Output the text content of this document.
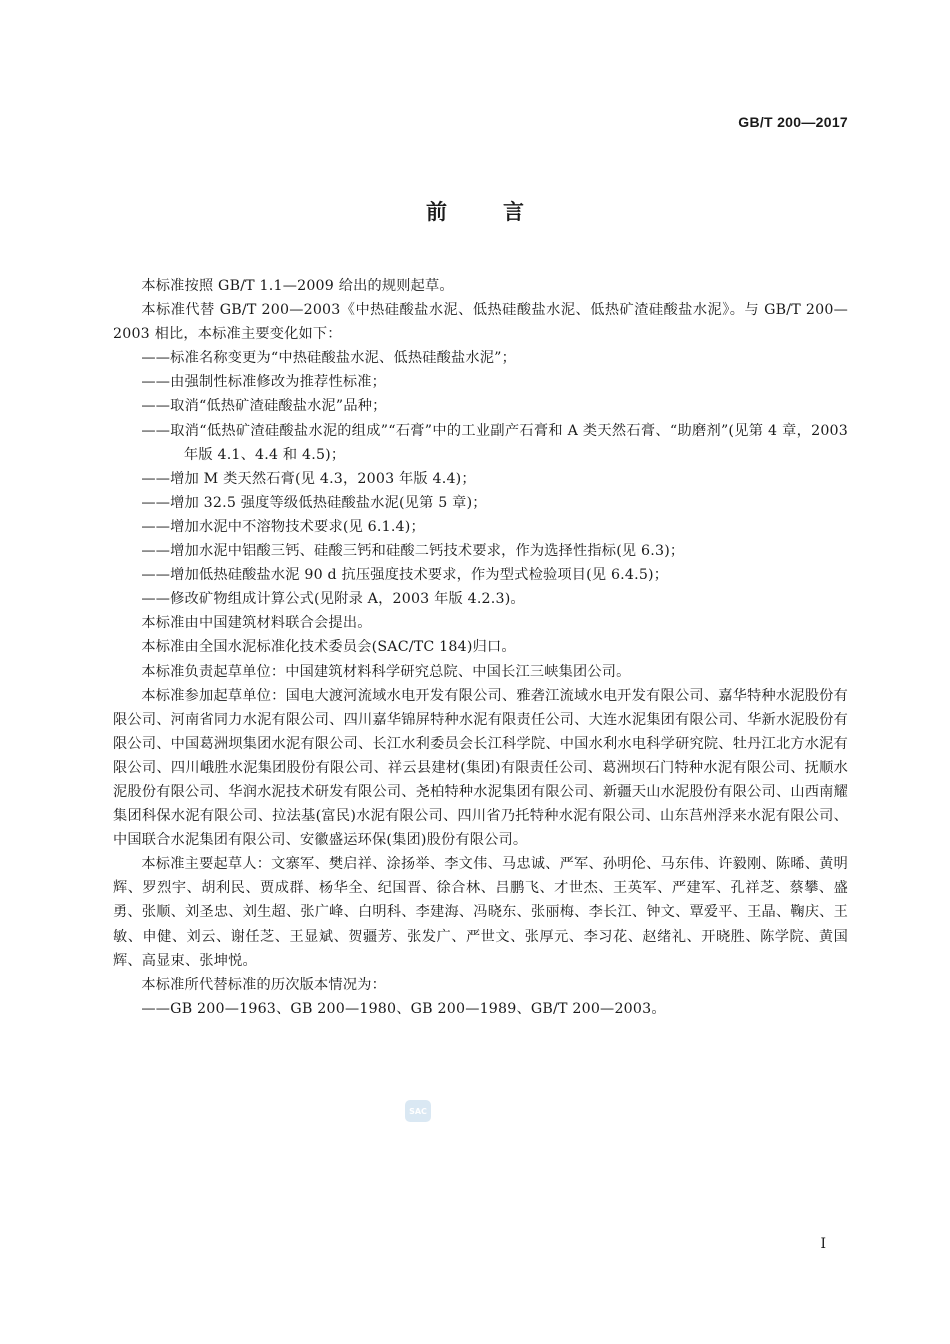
GB/T 200—2017
前言

本标准按照 GB/T 1.1—2009 给出的规则起草。

本标准代替 GB/T 200—2003《中热硅酸盐水泥、低热硅酸盐水泥、低热矿渣硅酸盐水泥》。与 GB/T 200—2003 相比，本标准主要变化如下：

——标准名称变更为“中热硅酸盐水泥、低热硅酸盐水泥”；

——由强制性标准修改为推荐性标准；

——取消“低热矿渣硅酸盐水泥”品种；

——取消“低热矿渣硅酸盐水泥的组成”“石膏”中的工业副产石膏和 A 类天然石膏、“助磨剂”(见第 4 章，2003 年版 4.1、4.4 和 4.5)；

——增加 M 类天然石膏(见 4.3，2003 年版 4.4)；

——增加 32.5 强度等级低热硅酸盐水泥(见第 5 章)；

——增加水泥中不溶物技术要求(见 6.1.4)；

——增加水泥中铝酸三钙、硅酸三钙和硅酸二钙技术要求，作为选择性指标(见 6.3)；

——增加低热硅酸盐水泥 90 d 抗压强度技术要求，作为型式检验项目(见 6.4.5)；

——修改矿物组成计算公式(见附录 A，2003 年版 4.2.3)。

本标准由中国建筑材料联合会提出。

本标准由全国水泥标准化技术委员会(SAC/TC 184)归口。

本标准负责起草单位：中国建筑材料科学研究总院、中国长江三峡集团公司。

本标准参加起草单位：国电大渡河流域水电开发有限公司、雅砻江流域水电开发有限公司、嘉华特种水泥股份有限公司、河南省同力水泥有限公司、四川嘉华锦屏特种水泥有限责任公司、大连水泥集团有限公司、华新水泥股份有限公司、中国葛洲坝集团水泥有限公司、长江水利委员会长江科学院、中国水利水电科学研究院、牡丹江北方水泥有限公司、四川峨胜水泥集团股份有限公司、祥云县建材(集团)有限责任公司、葛洲坝石门特种水泥有限公司、抚顺水泥股份有限公司、华润水泥技术研发有限公司、尧柏特种水泥集团有限公司、新疆天山水泥股份有限公司、山西南耀集团科保水泥有限公司、拉法基(富民)水泥有限公司、四川省乃托特种水泥有限公司、山东莒州浮来水泥有限公司、中国联合水泥集团有限公司、安徽盛运环保(集团)股份有限公司。

本标准主要起草人：文寨军、樊启祥、涂扬举、李文伟、马忠诚、严军、孙明伦、马东伟、许毅刚、陈晞、黄明辉、罗烈宇、胡利民、贾成群、杨华全、纪国晋、徐合林、吕鹏飞、才世杰、王英军、严建军、孔祥芝、蔡攀、盛勇、张顺、刘圣忠、刘生超、张广峰、白明科、李建海、冯晓东、张丽梅、李长江、钟文、覃爱平、王晶、鞠庆、王敏、申健、刘云、谢任芝、王显斌、贺疆芳、张发广、严世文、张厚元、李习花、赵绪礼、开晓胜、陈学院、黄国辉、高显束、张坤悦。

本标准所代替标准的历次版本情况为：

——GB 200—1963、GB 200—1980、GB 200—1989、GB/T 200—2003。

SAC
I
